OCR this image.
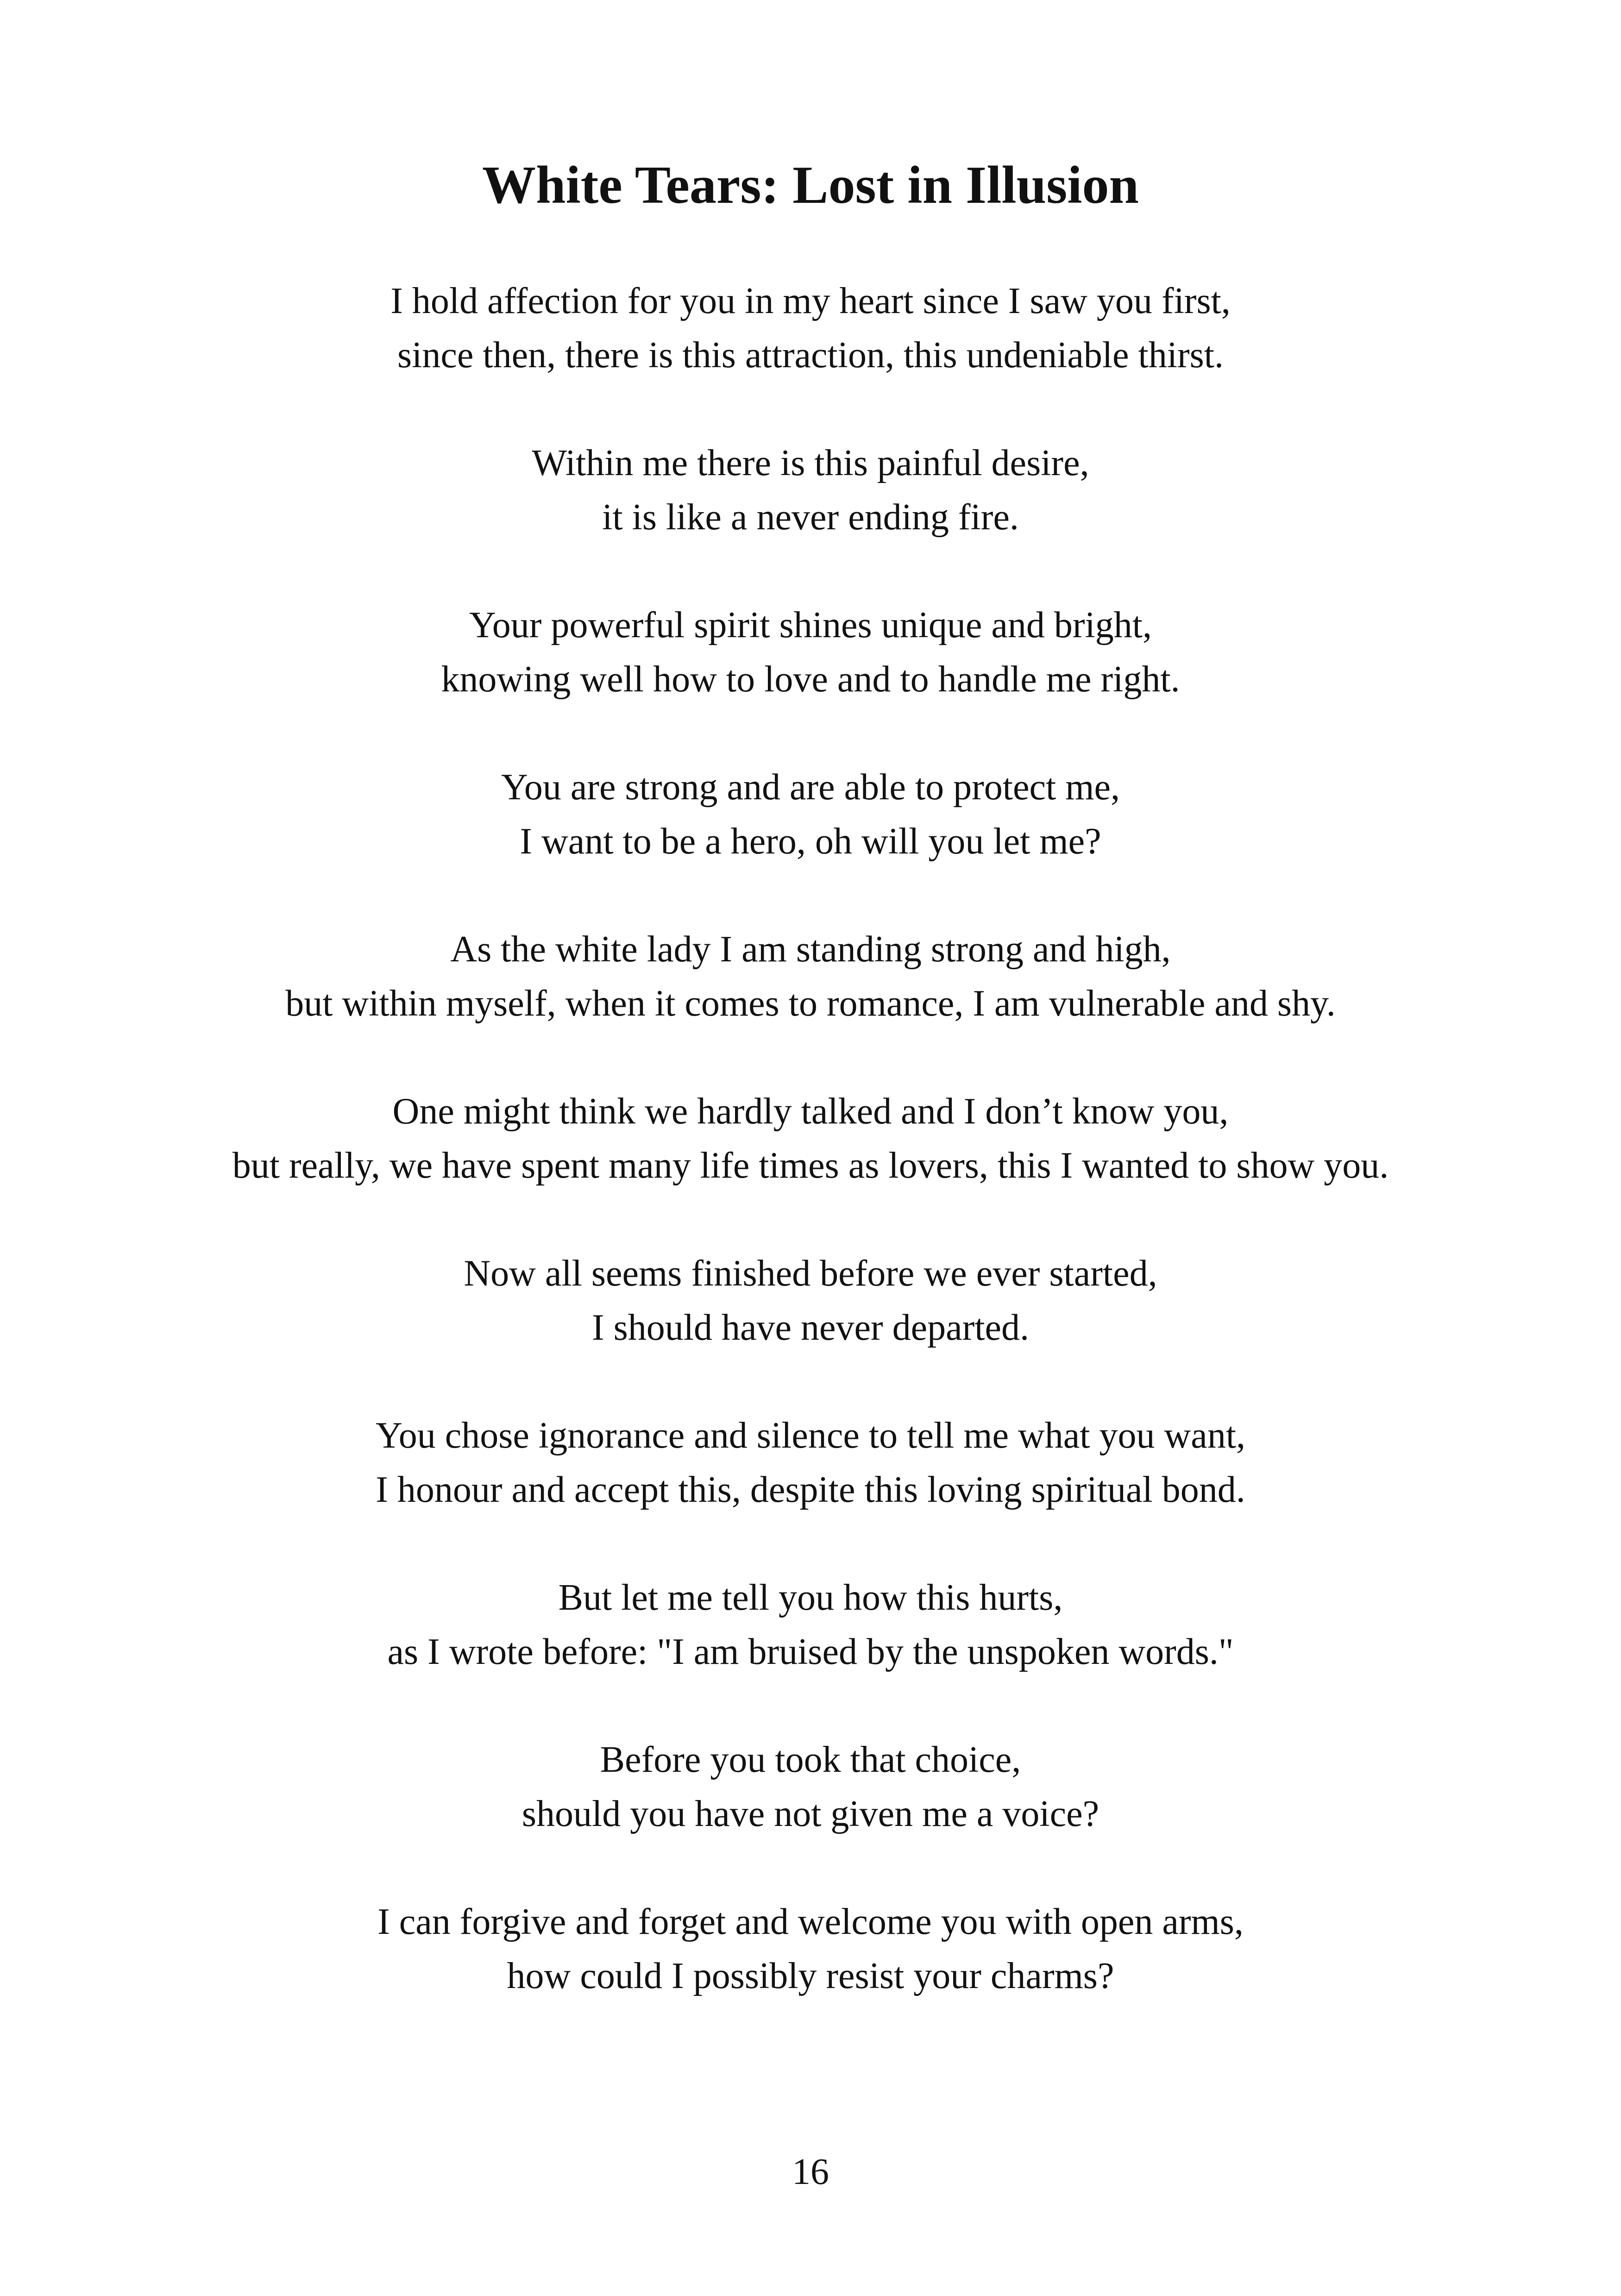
White Tears: Lost in Illusion
I hold affection for you in my heart since I saw you first,
since then, there is this attraction, this undeniable thirst.
Within me there is this painful desire,
it is like a never ending fire.
Your powerful spirit shines unique and bright,
knowing well how to love and to handle me right.
You are strong and are able to protect me,
I want to be a hero, oh will you let me?
As the white lady I am standing strong and high,
but within myself, when it comes to romance, I am vulnerable and shy.
One might think we hardly talked and I don’t know you,
but really, we have spent many life times as lovers, this I wanted to show you.
Now all seems finished before we ever started,
I should have never departed.
You chose ignorance and silence to tell me what you want,
I honour and accept this, despite this loving spiritual bond.
But let me tell you how this hurts,
as I wrote before: "I am bruised by the unspoken words."
Before you took that choice,
should you have not given me a voice?
I can forgive and forget and welcome you with open arms,
how could I possibly resist your charms?
16
